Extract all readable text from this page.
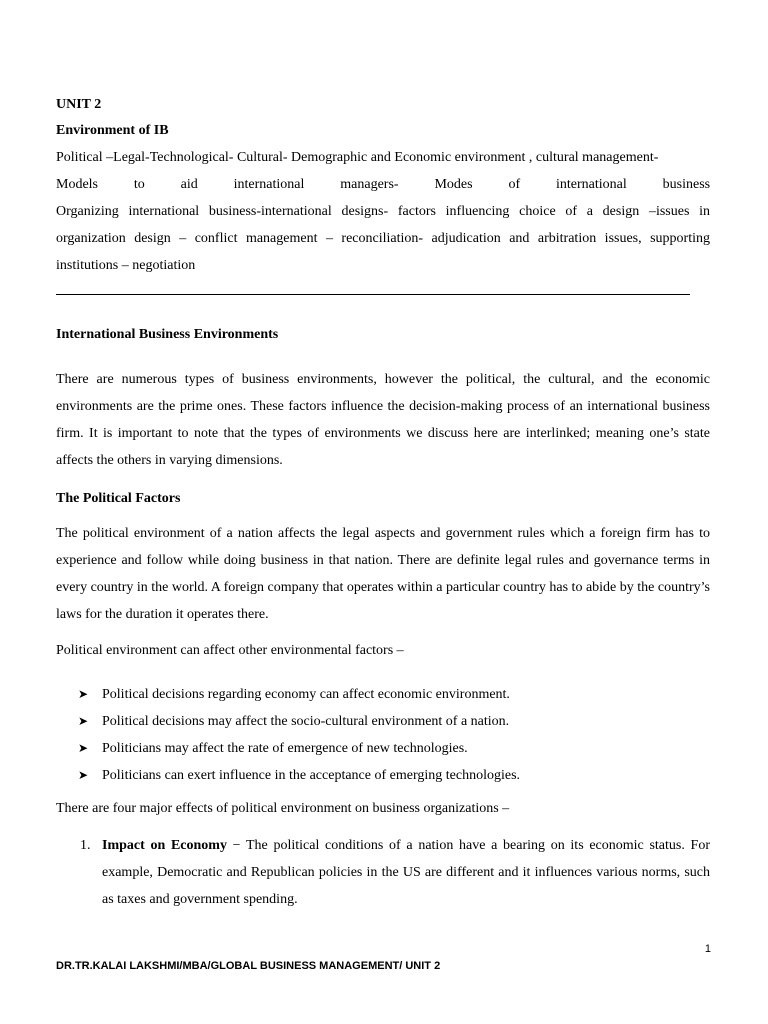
UNIT 2

Environment of IB

Political –Legal-Technological- Cultural- Demographic and Economic environment , cultural management-

Models	to	aid	international	managers-	Modes	of	international	business

Organizing international business-international designs- factors influencing choice of a design –issues in organization design – conflict management – reconciliation- adjudication and arbitration issues, supporting institutions – negotiation

International Business Environments

There are numerous types of business environments, however the political, the cultural, and the economic environments are the prime ones. These factors influence the decision-making process of an international business firm. It is important to note that the types of environments we discuss here are interlinked; meaning one’s state affects the others in varying dimensions.

The Political Factors

The political environment of a nation affects the legal aspects and government rules which a foreign firm has to experience and follow while doing business in that nation. There are definite legal rules and governance terms in every country in the world. A foreign company that operates within a particular country has to abide by the country’s laws for the duration it operates there.

Political environment can affect other environmental factors –

➤ Political decisions regarding economy can affect economic environment.
➤ Political decisions may affect the socio-cultural environment of a nation.
➤ Politicians may affect the rate of emergence of new technologies.
➤ Politicians can exert influence in the acceptance of emerging technologies.

There are four major effects of political environment on business organizations –

1. Impact on Economy − The political conditions of a nation have a bearing on its economic status. For example, Democratic and Republican policies in the US are different and it influences various norms, such as taxes and government spending.
1
DR.TR.KALAI LAKSHMI/MBA/GLOBAL BUSINESS MANAGEMENT/ UNIT 2
